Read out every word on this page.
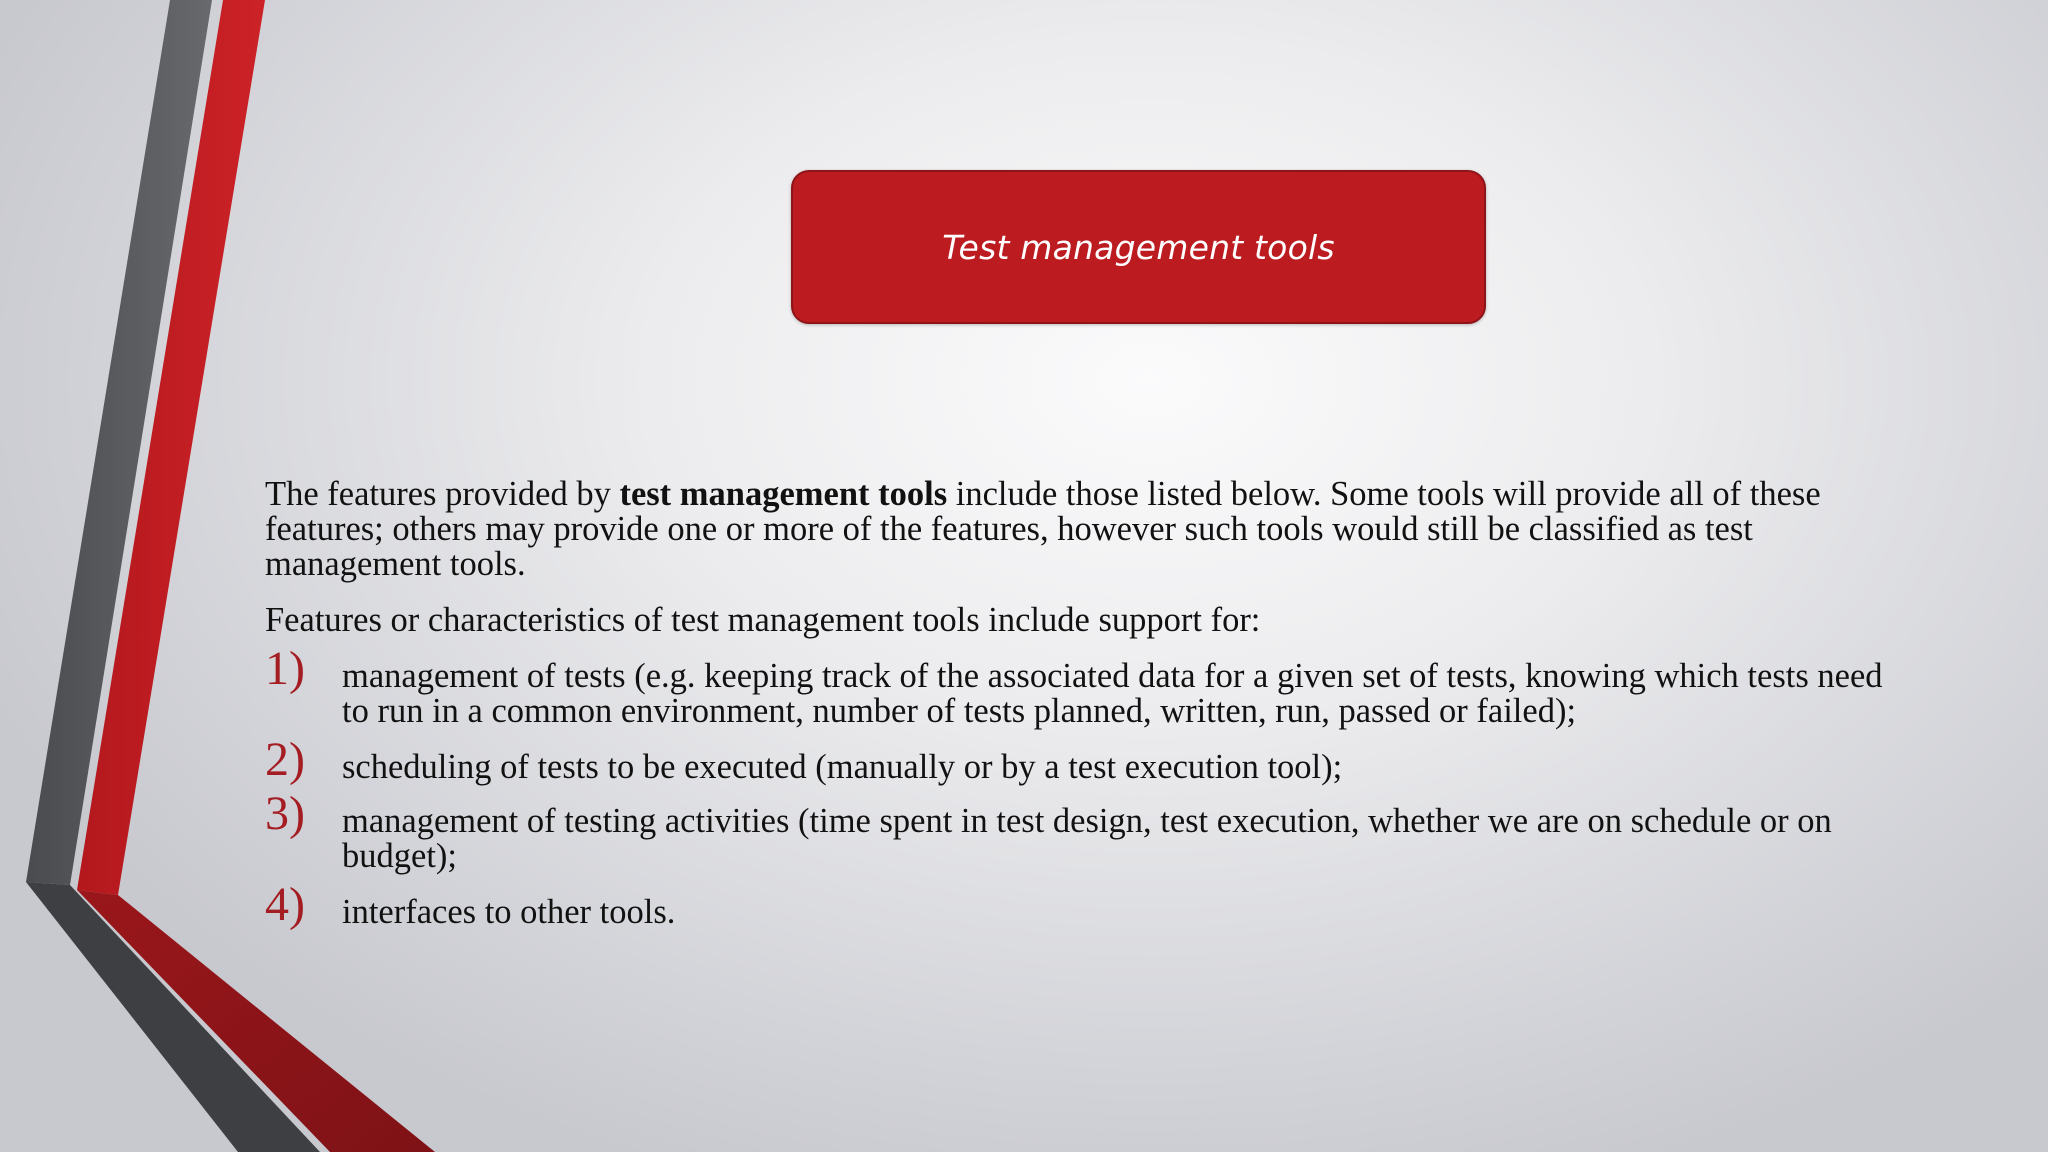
Test management tools

The features provided by test management tools include those listed below. Some tools will provide all of these features; others may provide one or more of the features, however such tools would still be classified as test management tools.

Features or characteristics of test management tools include support for:

1) management of tests (e.g. keeping track of the associated data for a given set of tests, knowing which tests need to run in a common environment, number of tests planned, written, run, passed or failed);
2) scheduling of tests to be executed (manually or by a test execution tool);
3) management of testing activities (time spent in test design, test execution, whether we are on schedule or on budget);
4) interfaces to other tools.
